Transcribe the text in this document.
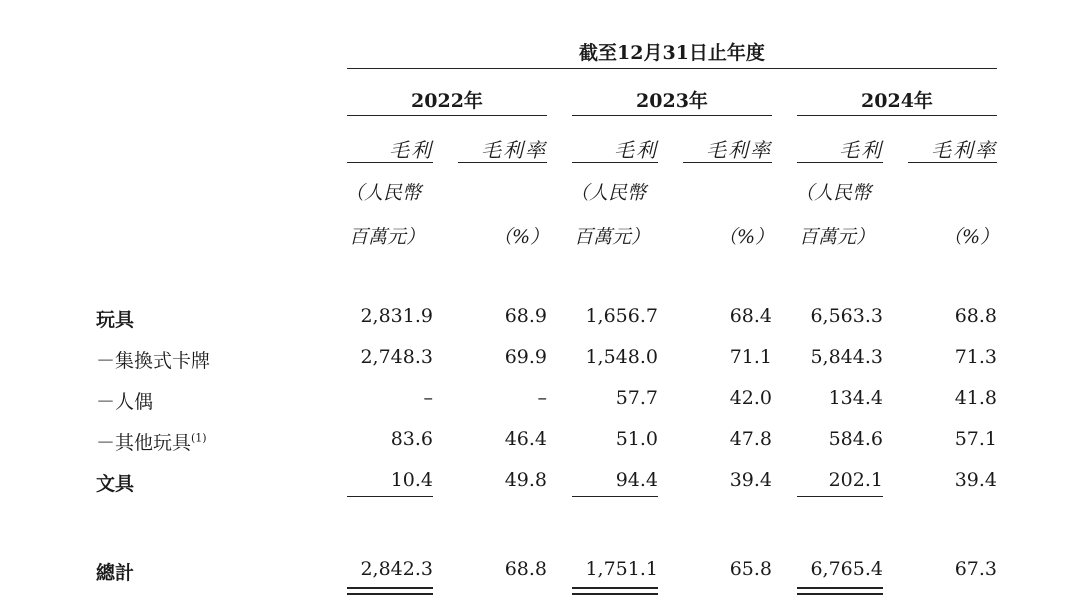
截至12月31日止年度
2022年	2023年	2024年
毛利	毛利率	毛利	毛利率	毛利	毛利率
（人民幣
百萬元）	（%）
（人民幣
百萬元）	（%）
（人民幣
百萬元）	（%）
玩具	2,831.9	68.9	1,656.7	68.4	6,563.3	68.8
－集換式卡牌	2,748.3	69.9	1,548.0	71.1	5,844.3	71.3
－人偶	–	–	57.7	42.0	134.4	41.8
－其他玩具$^{(1)}$	83.6	46.4	51.0	47.8	584.6	57.1
文具	10.4	49.8	94.4	39.4	202.1	39.4
總計	2,842.3	68.8	1,751.1	65.8	6,765.4	67.3
